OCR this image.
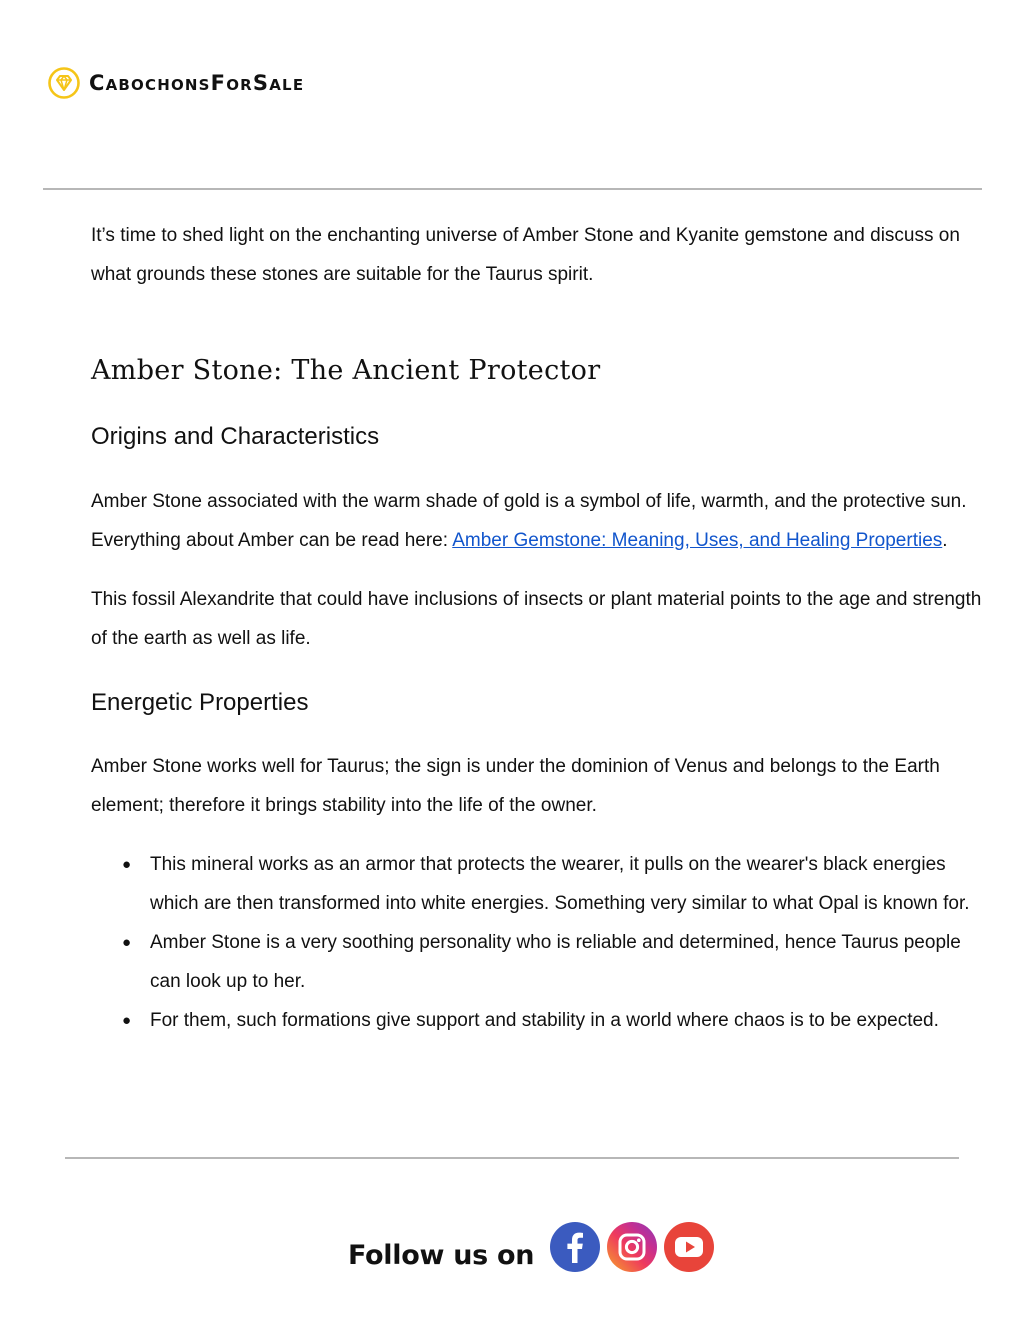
CabochonsForSale

It’s time to shed light on the enchanting universe of Amber Stone and Kyanite gemstone and discuss on what grounds these stones are suitable for the Taurus spirit.

Amber Stone: The Ancient Protector
Origins and Characteristics

Amber Stone associated with the warm shade of gold is a symbol of life, warmth, and the protective sun. Everything about Amber can be read here: Amber Gemstone: Meaning, Uses, and Healing Properties.

This fossil Alexandrite that could have inclusions of insects or plant material points to the age and strength of the earth as well as life.

Energetic Properties

Amber Stone works well for Taurus; the sign is under the dominion of Venus and belongs to the Earth element; therefore it brings stability into the life of the owner.

● This mineral works as an armor that protects the wearer, it pulls on the wearer's black energies which are then transformed into white energies. Something very similar to what Opal is known for.
● Amber Stone is a very soothing personality who is reliable and determined, hence Taurus people can look up to her.
● For them, such formations give support and stability in a world where chaos is to be expected.
Follow us on
